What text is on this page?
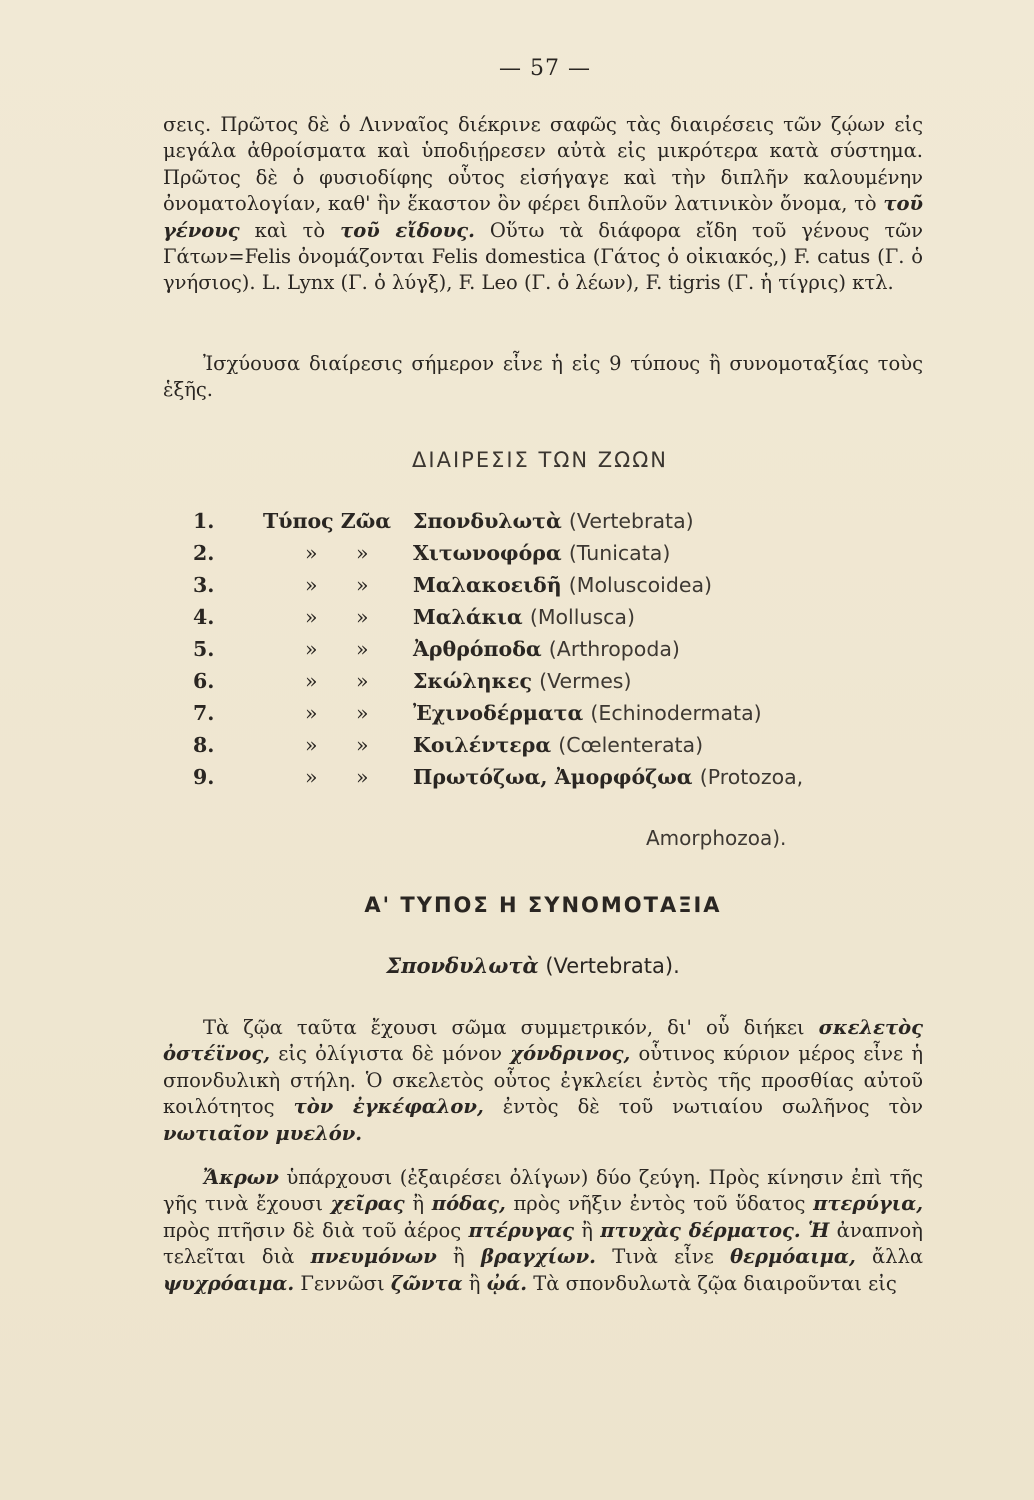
— 57 —

σεις. Πρῶτος δὲ ὁ Λινναῖος διέκρινε σαφῶς τὰς διαιρέσεις τῶν ζῴων εἰς μεγάλα ἀθροίσματα καὶ ὑποδιῄρεσεν αὐτὰ εἰς μικρότερα κατὰ σύστημα. Πρῶτος δὲ ὁ φυσιοδίφης οὗτος εἰσήγαγε καὶ τὴν διπλῆν καλουμένην ὀνοματολογίαν, καθ' ἣν ἕκαστον ὂν φέρει διπλοῦν λατινικὸν ὄνομα, τὸ τοῦ γένους καὶ τὸ τοῦ εἴδους. Οὕτω τὰ διάφορα εἴδη τοῦ γένους τῶν Γάτων=Felis ὀνομάζονται Felis domestica (Γάτος ὁ οἰκιακός,) F. catus (Γ. ὁ γνήσιος). L. Lynx (Γ. ὁ λύγξ), F. Leo (Γ. ὁ λέων), F. tigris (Γ. ἡ τίγρις) κτλ.

Ἰσχύουσα διαίρεσις σήμερον εἶνε ἡ εἰς 9 τύπους ἢ συνομοταξίας τοὺς ἑξῆς.

ΔΙΑΙΡΕΣΙΣ ΤΩΝ ΖΩΩΝ
1. Τύπος Ζῶα Σπονδυλωτὰ (Vertebrata)
2.	» » Χιτωνοφόρα (Tunicata)
3.	» » Μαλακοειδῆ (Moluscoidea)
4.	» » Μαλάκια (Mollusca)
5.	» » Ἀρθρόποδα (Arthropoda)
6.	» » Σκώληκες (Vermes)
7.	» » Ἐχινοδέρματα (Echinodermata)
8.	» » Κοιλέντερα (Cœlenterata)
9.	» » Πρωτόζωα, Ἀμορφόζωα (Protozoa,
Amorphozoa).
Α' ΤΥΠΟΣ Η ΣΥΝΟΜΟΤΑΞΙΑ
Σπονδυλωτὰ (Vertebrata).

Τὰ ζῷα ταῦτα ἔχουσι σῶμα συμμετρικόν, δι' οὗ διήκει σκελετὸς ὀστέϊνος, εἰς ὀλίγιστα δὲ μόνον χόνδρινος, οὗτινος κύριον μέρος εἶνε ἡ σπονδυλικὴ στήλη. Ὁ σκελετὸς οὗτος ἐγκλείει ἐντὸς τῆς προσθίας αὐτοῦ κοιλότητος τὸν ἐγκέφαλον, ἐντὸς δὲ τοῦ νωτιαίου σωλῆνος τὸν νωτιαῖον μυελόν.

Ἄκρων ὑπάρχουσι (ἐξαιρέσει ὀλίγων) δύο ζεύγη. Πρὸς κίνησιν ἐπὶ τῆς γῆς τινὰ ἔχουσι χεῖρας ἢ πόδας, πρὸς νῆξιν ἐντὸς τοῦ ὕδατος πτερύγια, πρὸς πτῆσιν δὲ διὰ τοῦ ἀέρος πτέρυγας ἢ πτυχὰς δέρματος. Ἡ ἀναπνοὴ τελεῖται διὰ πνευμόνων ἢ βραγχίων. Τινὰ εἶνε θερμόαιμα, ἄλλα ψυχρόαιμα. Γεννῶσι ζῶντα ἢ ᾠά. Τὰ σπονδυλωτὰ ζῷα διαιροῦνται εἰς
